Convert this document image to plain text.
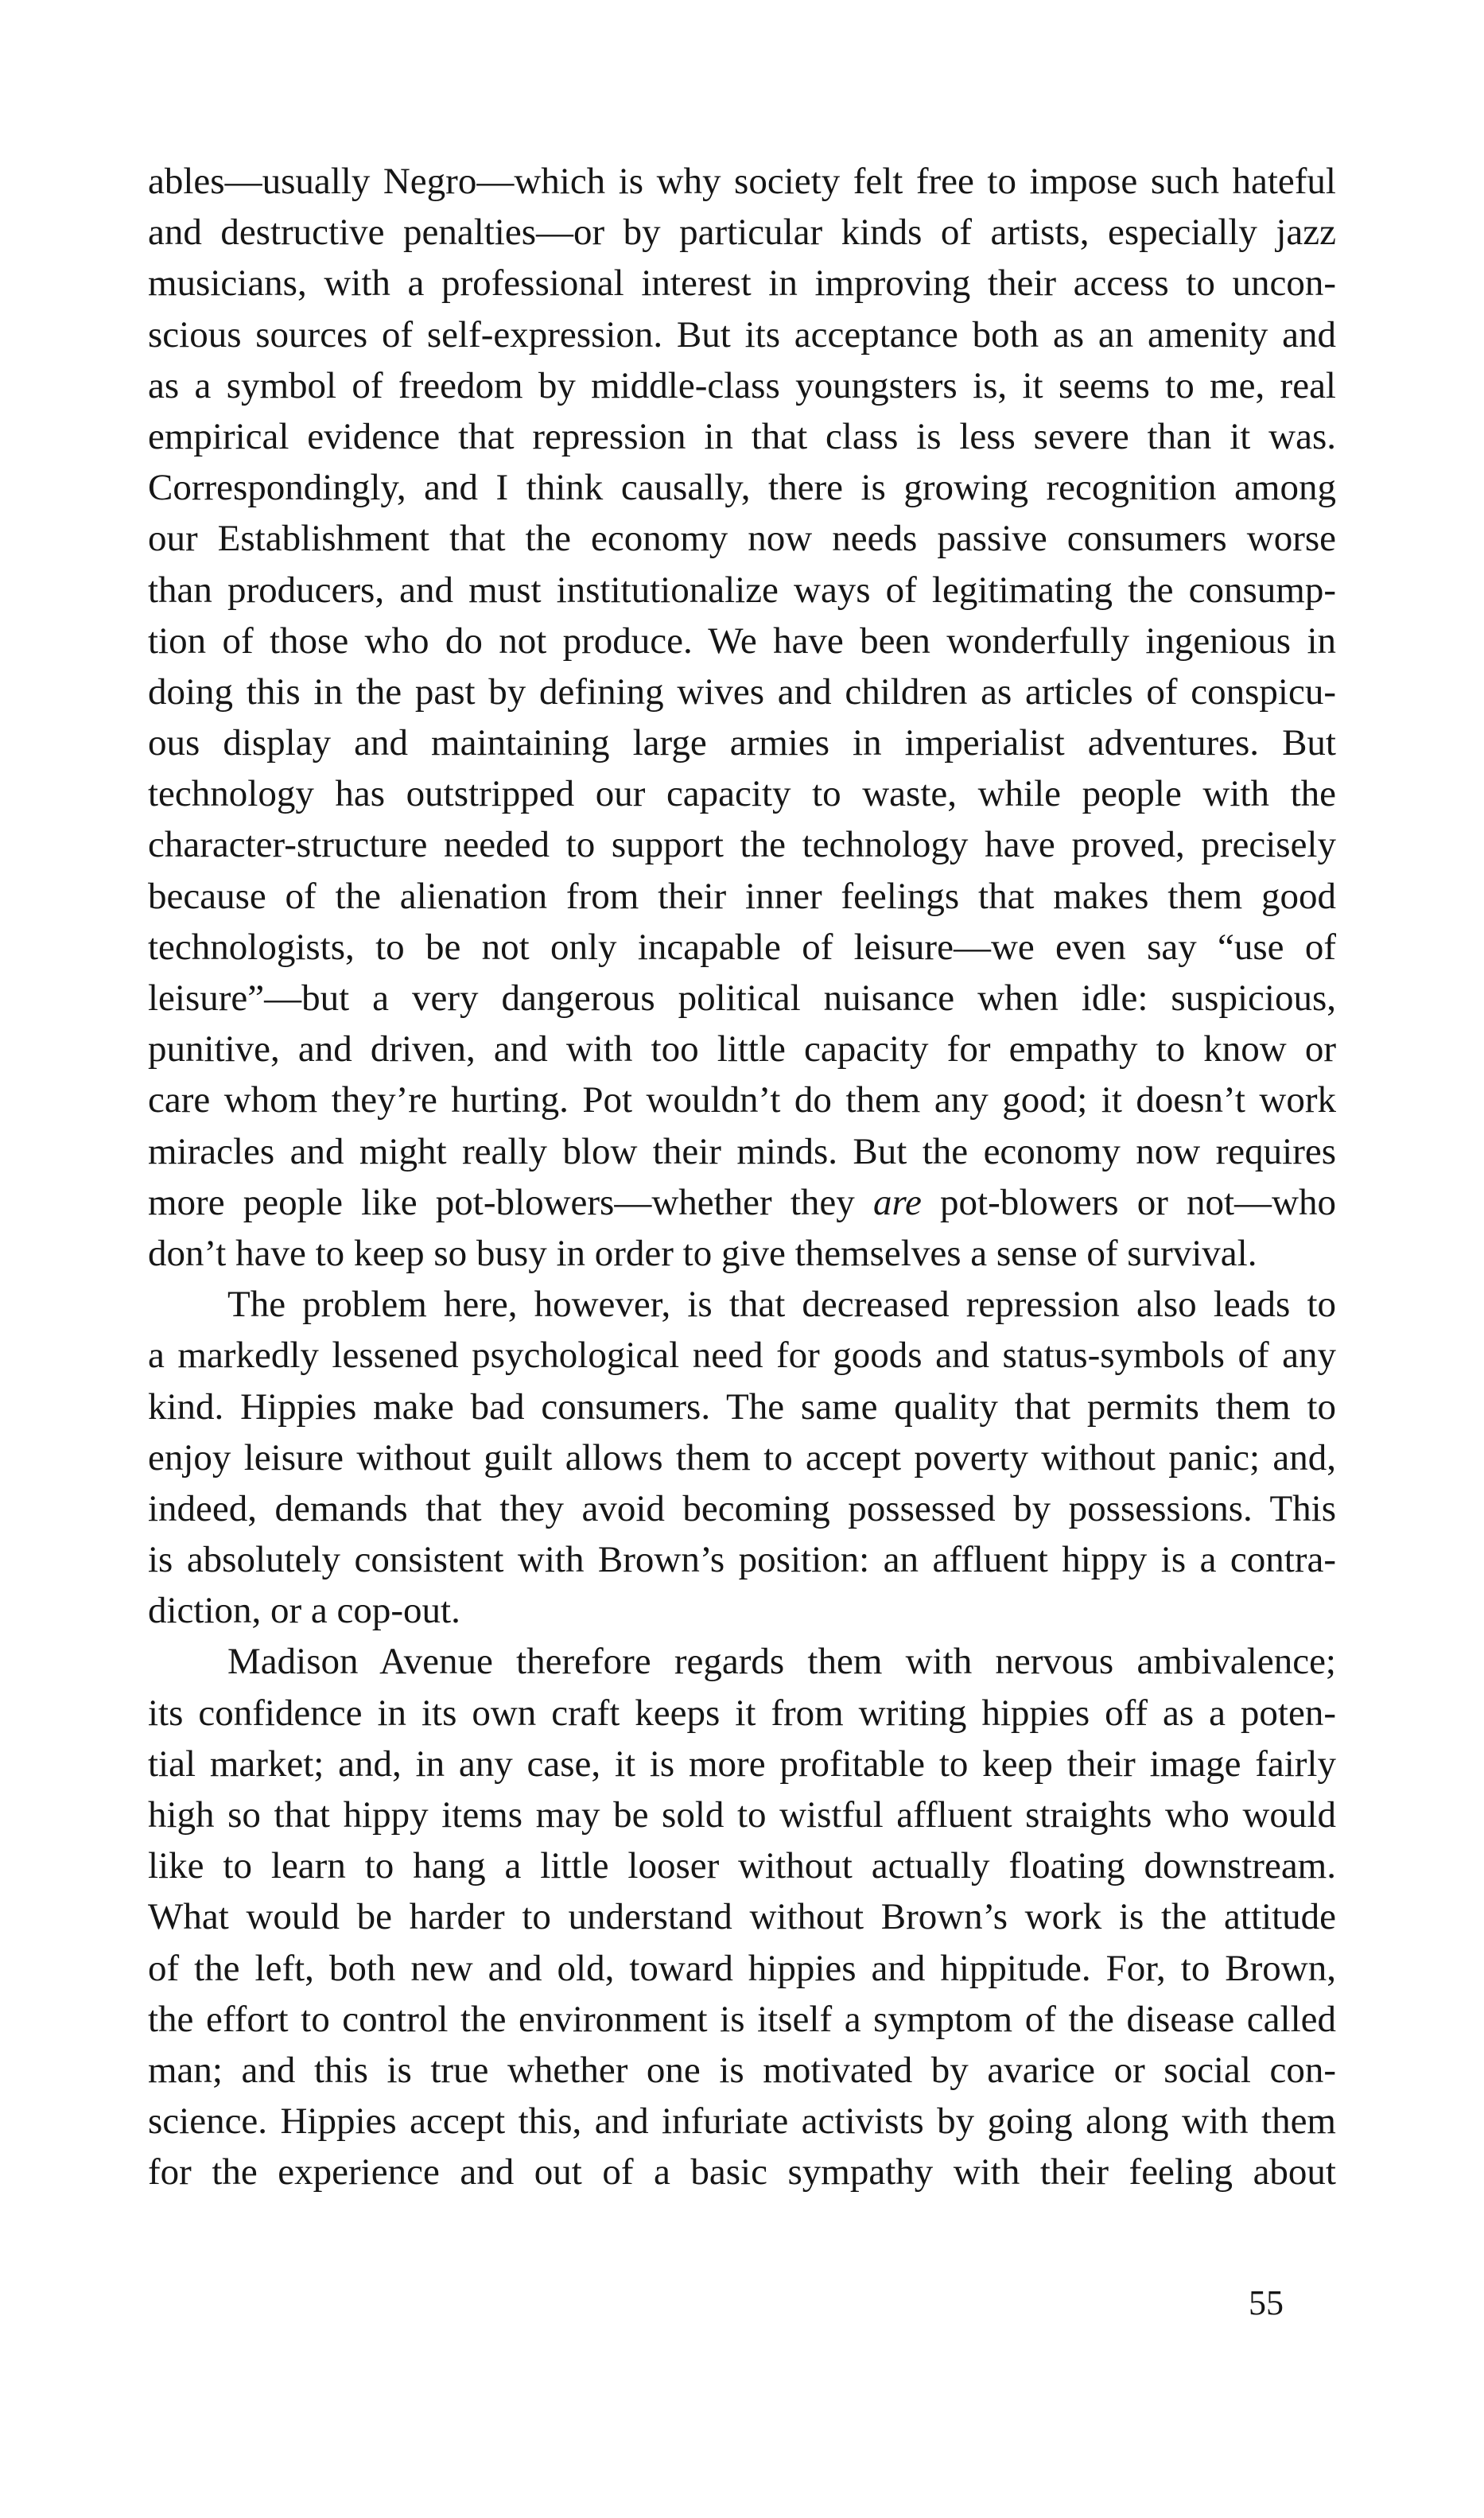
ables—usually Negro—which is why society felt free to impose such hateful
and destructive penalties—or by particular kinds of artists, especially jazz
musicians, with a professional interest in improving their access to uncon-
scious sources of self-expression. But its acceptance both as an amenity and
as a symbol of freedom by middle-class youngsters is, it seems to me, real
empirical evidence that repression in that class is less severe than it was.
Correspondingly, and I think causally, there is growing recognition among
our Establishment that the economy now needs passive consumers worse
than producers, and must institutionalize ways of legitimating the consump-
tion of those who do not produce. We have been wonderfully ingenious in
doing this in the past by defining wives and children as articles of conspicu-
ous display and maintaining large armies in imperialist adventures. But
technology has outstripped our capacity to waste, while people with the
character-structure needed to support the technology have proved, precisely
because of the alienation from their inner feelings that makes them good
technologists, to be not only incapable of leisure—we even say “use of
leisure”—but a very dangerous political nuisance when idle: suspicious,
punitive, and driven, and with too little capacity for empathy to know or
care whom they’re hurting. Pot wouldn’t do them any good; it doesn’t work
miracles and might really blow their minds. But the economy now requires
more people like pot-blowers—whether they are pot-blowers or not—who
don’t have to keep so busy in order to give themselves a sense of survival.
The problem here, however, is that decreased repression also leads to
a markedly lessened psychological need for goods and status-symbols of any
kind. Hippies make bad consumers. The same quality that permits them to
enjoy leisure without guilt allows them to accept poverty without panic; and,
indeed, demands that they avoid becoming possessed by possessions. This
is absolutely consistent with Brown’s position: an affluent hippy is a contra-
diction, or a cop-out.
Madison Avenue therefore regards them with nervous ambivalence;
its confidence in its own craft keeps it from writing hippies off as a poten-
tial market; and, in any case, it is more profitable to keep their image fairly
high so that hippy items may be sold to wistful affluent straights who would
like to learn to hang a little looser without actually floating downstream.
What would be harder to understand without Brown’s work is the attitude
of the left, both new and old, toward hippies and hippitude. For, to Brown,
the effort to control the environment is itself a symptom of the disease called
man; and this is true whether one is motivated by avarice or social con-
science. Hippies accept this, and infuriate activists by going along with them
for the experience and out of a basic sympathy with their feeling about
55
